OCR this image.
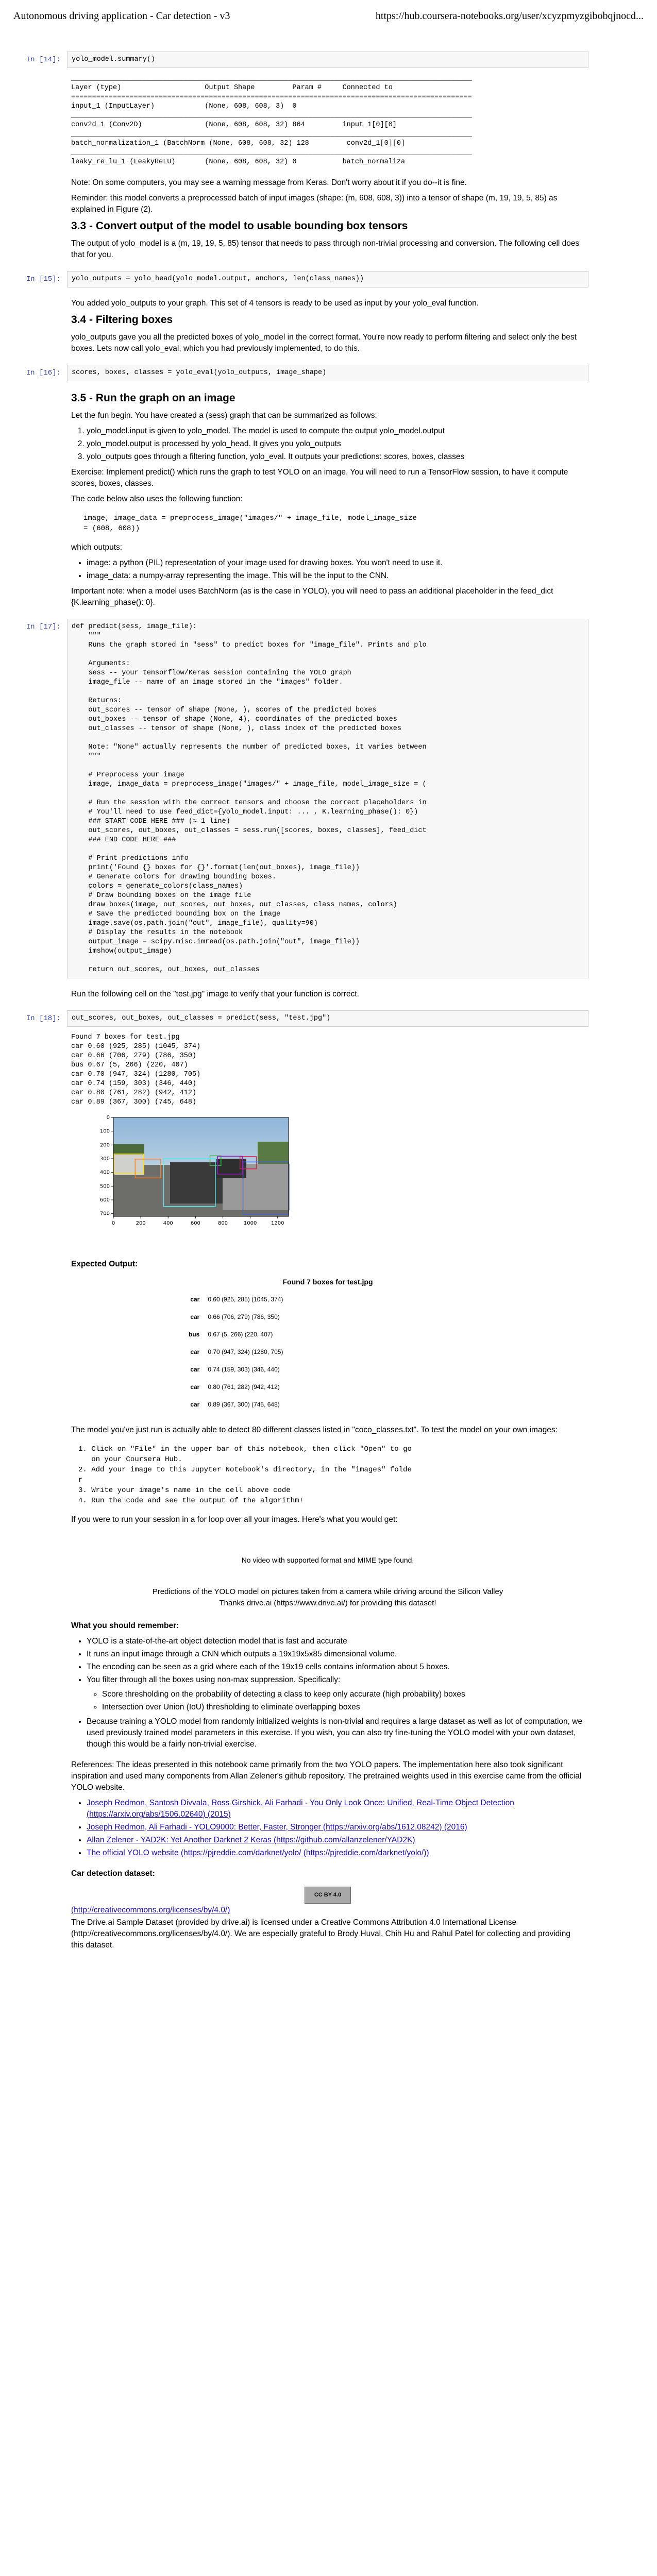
Autonomous driving application - Car detection - v3	https://hub.coursera-notebooks.org/user/xcyzpmyzgibobqjnocd...
In [14]:	yolo_model.summary()
________________________________________________________________________________________________
Layer (type)                    Output Shape         Param #     Connected to
================================================================================================
input_1 (InputLayer)            (None, 608, 608, 3)  0
________________________________________________________________________________________________
conv2d_1 (Conv2D)               (None, 608, 608, 32) 864         input_1[0][0]
________________________________________________________________________________________________
batch_normalization_1 (BatchNorm (None, 608, 608, 32) 128         conv2d_1[0][0]
________________________________________________________________________________________________
leaky_re_lu_1 (LeakyReLU)       (None, 608, 608, 32) 0           batch_normaliza

Note: On some computers, you may see a warning message from Keras. Don't worry about it if you do--it is fine.

Reminder: this model converts a preprocessed batch of input images (shape: (m, 608, 608, 3)) into a tensor of shape (m, 19, 19, 5, 85) as explained in Figure (2).

3.3 - Convert output of the model to usable bounding box tensors

The output of yolo_model is a (m, 19, 19, 5, 85) tensor that needs to pass through non-trivial processing and conversion. The following cell does that for you.

In [15]:	yolo_outputs = yolo_head(yolo_model.output, anchors, len(class_names))

You added yolo_outputs to your graph. This set of 4 tensors is ready to be used as input by your yolo_eval function.

3.4 - Filtering boxes

yolo_outputs gave you all the predicted boxes of yolo_model in the correct format. You're now ready to perform filtering and select only the best boxes. Lets now call yolo_eval, which you had previously implemented, to do this.

In [16]:	scores, boxes, classes = yolo_eval(yolo_outputs, image_shape)
3.5 - Run the graph on an image

Let the fun begin. You have created a (sess) graph that can be summarized as follows:

1. yolo_model.input is given to yolo_model. The model is used to compute the output yolo_model.output
2. yolo_model.output is processed by yolo_head. It gives you yolo_outputs
3. yolo_outputs goes through a filtering function, yolo_eval. It outputs your predictions: scores, boxes, classes

Exercise: Implement predict() which runs the graph to test YOLO on an image. You will need to run a TensorFlow session, to have it compute scores, boxes, classes.

The code below also uses the following function:

image, image_data = preprocess_image("images/" + image_file, model_image_size
= (608, 608))

which outputs:

• image: a python (PIL) representation of your image used for drawing boxes. You won't need to use it.
• image_data: a numpy-array representing the image. This will be the input to the CNN.

Important note: when a model uses BatchNorm (as is the case in YOLO), you will need to pass an additional placeholder in the feed_dict {K.learning_phase(): 0}.

In [17]:	def predict(sess, image_file):
"""
Runs the graph stored in "sess" to predict boxes for "image_file". Prints and plo

Arguments:
sess -- your tensorflow/Keras session containing the YOLO graph
image_file -- name of an image stored in the "images" folder.

Returns:
out_scores -- tensor of shape (None, ), scores of the predicted boxes
out_boxes -- tensor of shape (None, 4), coordinates of the predicted boxes
out_classes -- tensor of shape (None, ), class index of the predicted boxes

Note: "None" actually represents the number of predicted boxes, it varies between
"""

# Preprocess your image
image, image_data = preprocess_image("images/" + image_file, model_image_size = (

# Run the session with the correct tensors and choose the correct placeholders in
# You'll need to use feed_dict={yolo_model.input: ... , K.learning_phase(): 0})
### START CODE HERE ### (≈ 1 line)
out_scores, out_boxes, out_classes = sess.run([scores, boxes, classes], feed_dict
### END CODE HERE ###

# Print predictions info
print('Found {} boxes for {}'.format(len(out_boxes), image_file))
# Generate colors for drawing bounding boxes.
colors = generate_colors(class_names)
# Draw bounding boxes on the image file
draw_boxes(image, out_scores, out_boxes, out_classes, class_names, colors)
# Save the predicted bounding box on the image
image.save(os.path.join("out", image_file), quality=90)
# Display the results in the notebook
output_image = scipy.misc.imread(os.path.join("out", image_file))
imshow(output_image)

return out_scores, out_boxes, out_classes

Run the following cell on the "test.jpg" image to verify that your function is correct.

In [18]:	out_scores, out_boxes, out_classes = predict(sess, "test.jpg")
Found 7 boxes for test.jpg
car 0.60 (925, 285) (1045, 374)
car 0.66 (706, 279) (786, 350)
bus 0.67 (5, 266) (220, 407)
car 0.70 (947, 324) (1280, 705)
car 0.74 (159, 303) (346, 440)
car 0.80 (761, 282) (942, 412)
car 0.89 (367, 300) (745, 648)
0	200	400	600	800	1000	1200
0
100
200
300
400
500
600
700

Expected Output:

Found 7 boxes for test.jpg
car	0.60 (925, 285) (1045, 374)
car	0.66 (706, 279) (786, 350)
bus	0.67 (5, 266) (220, 407)
car	0.70 (947, 324) (1280, 705)
car	0.74 (159, 303) (346, 440)
car	0.80 (761, 282) (942, 412)
car	0.89 (367, 300) (745, 648)

The model you've just run is actually able to detect 80 different classes listed in "coco_classes.txt". To test the model on your own images:

1. Click on "File" in the upper bar of this notebook, then click "Open" to go
on your Coursera Hub.
2. Add your image to this Jupyter Notebook's directory, in the "images" folde
r
3. Write your image's name in the cell above code
4. Run the code and see the output of the algorithm!

If you were to run your session in a for loop over all your images. Here's what you would get:

No video with supported format and MIME type found.
Predictions of the YOLO model on pictures taken from a camera while driving around the Silicon Valley
Thanks drive.ai (https://www.drive.ai/) for providing this dataset!

What you should remember:

• YOLO is a state-of-the-art object detection model that is fast and accurate
• It runs an input image through a CNN which outputs a 19x19x5x85 dimensional volume.
• The encoding can be seen as a grid where each of the 19x19 cells contains information about 5 boxes.
• You filter through all the boxes using non-max suppression. Specifically:
◦ Score thresholding on the probability of detecting a class to keep only accurate (high probability) boxes
◦ Intersection over Union (IoU) thresholding to eliminate overlapping boxes
• Because training a YOLO model from randomly initialized weights is non-trivial and requires a large dataset as well as lot of computation, we used previously trained model parameters in this exercise. If you wish, you can also try fine-tuning the YOLO model with your own dataset, though this would be a fairly non-trivial exercise.

References: The ideas presented in this notebook came primarily from the two YOLO papers. The implementation here also took significant inspiration and used many components from Allan Zelener's github repository. The pretrained weights used in this exercise came from the official YOLO website.

• Joseph Redmon, Santosh Divvala, Ross Girshick, Ali Farhadi - You Only Look Once: Unified, Real-Time Object Detection (https://arxiv.org/abs/1506.02640) (2015)
• Joseph Redmon, Ali Farhadi - YOLO9000: Better, Faster, Stronger (https://arxiv.org/abs/1612.08242) (2016)
• Allan Zelener - YAD2K: Yet Another Darknet 2 Keras (https://github.com/allanzelener/YAD2K)
• The official YOLO website (https://pjreddie.com/darknet/yolo/ (https://pjreddie.com/darknet/yolo/))

Car detection dataset:

CC BY 4.0
(http://creativecommons.org/licenses/by/4.0/)

The Drive.ai Sample Dataset (provided by drive.ai) is licensed under a Creative Commons Attribution 4.0 International License (http://creativecommons.org/licenses/by/4.0/). We are especially grateful to Brody Huval, Chih Hu and Rahul Patel for collecting and providing this dataset.
